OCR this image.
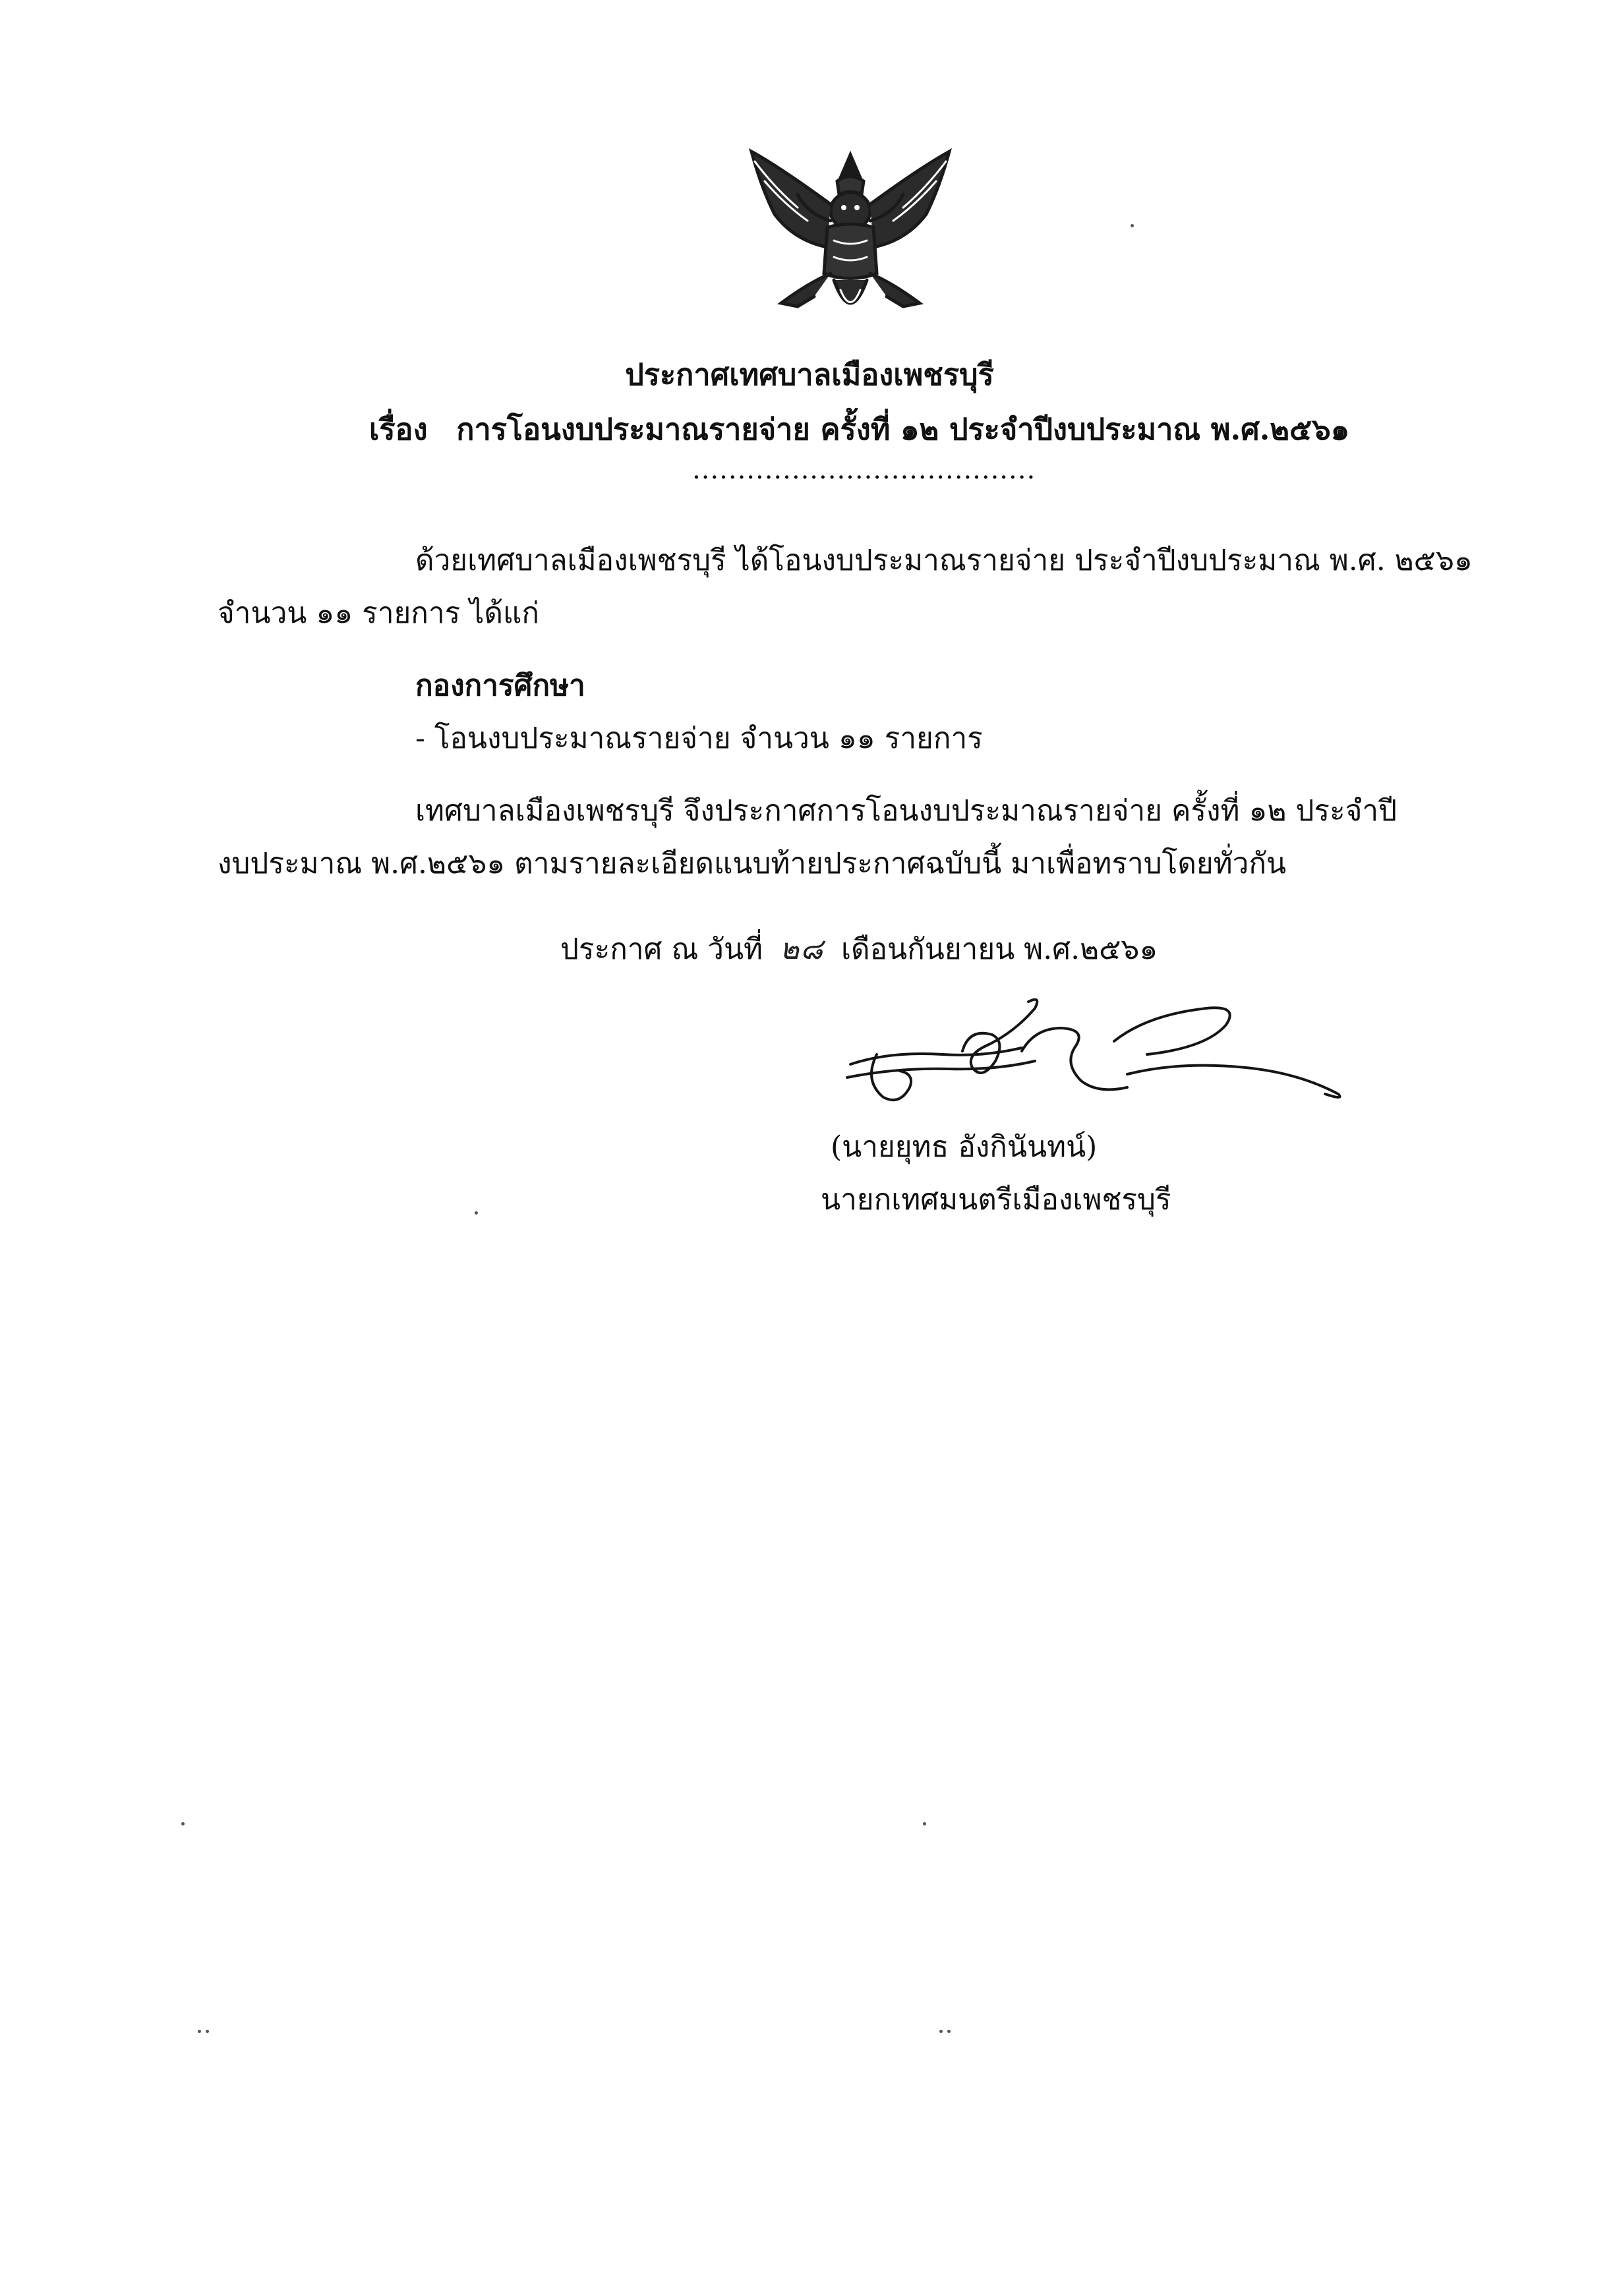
ประกาศเทศบาลเมืองเพชรบุรี
เรื่อง การโอนงบประมาณรายจ่าย ครั้งที่ ๑๒ ประจำปีงบประมาณ พ.ศ.๒๕๖๑
......................................
ด้วยเทศบาลเมืองเพชรบุรี ได้โอนงบประมาณรายจ่าย ประจำปีงบประมาณ พ.ศ. ๒๕๖๑
จำนวน ๑๑ รายการ ได้แก่
กองการศึกษา
- โอนงบประมาณรายจ่าย จำนวน ๑๑ รายการ
เทศบาลเมืองเพชรบุรี จึงประกาศการโอนงบประมาณรายจ่าย ครั้งที่ ๑๒ ประจำปี
งบประมาณ พ.ศ.๒๕๖๑ ตามรายละเอียดแนบท้ายประกาศฉบับนี้ มาเพื่อทราบโดยทั่วกัน
ประกาศ ณ วันที่ ๒๘ เดือนกันยายน พ.ศ.๒๕๖๑
(นายยุทธ อังกินันทน์)
นายกเทศมนตรีเมืองเพชรบุรี
